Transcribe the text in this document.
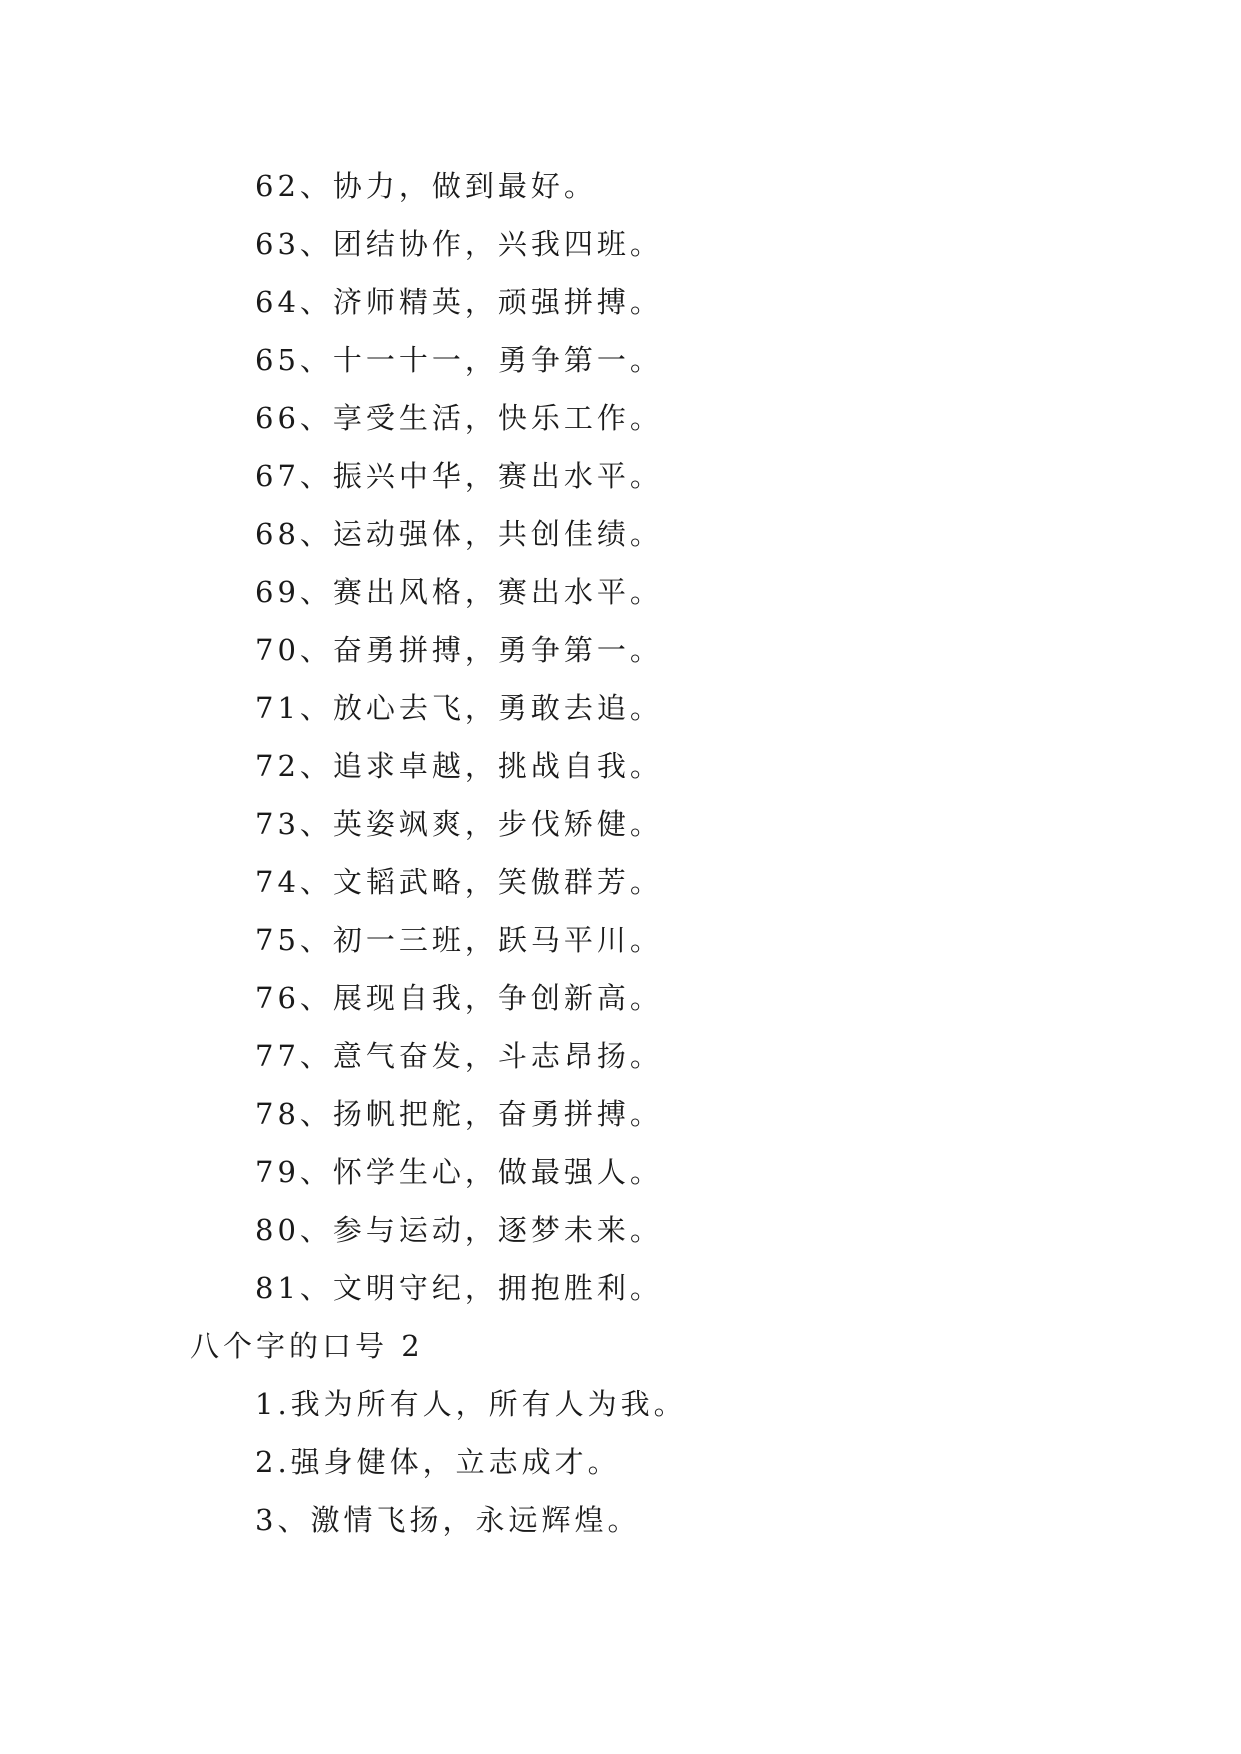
62、协力，做到最好。
63、团结协作，兴我四班。
64、济师精英，顽强拼搏。
65、十一十一，勇争第一。
66、享受生活，快乐工作。
67、振兴中华，赛出水平。
68、运动强体，共创佳绩。
69、赛出风格，赛出水平。
70、奋勇拼搏，勇争第一。
71、放心去飞，勇敢去追。
72、追求卓越，挑战自我。
73、英姿飒爽，步伐矫健。
74、文韬武略，笑傲群芳。
75、初一三班，跃马平川。
76、展现自我，争创新高。
77、意气奋发，斗志昂扬。
78、扬帆把舵，奋勇拼搏。
79、怀学生心，做最强人。
80、参与运动，逐梦未来。
81、文明守纪，拥抱胜利。
八个字的口号 2
1.我为所有人，所有人为我。
2.强身健体，立志成才。
3、激情飞扬，永远辉煌。
